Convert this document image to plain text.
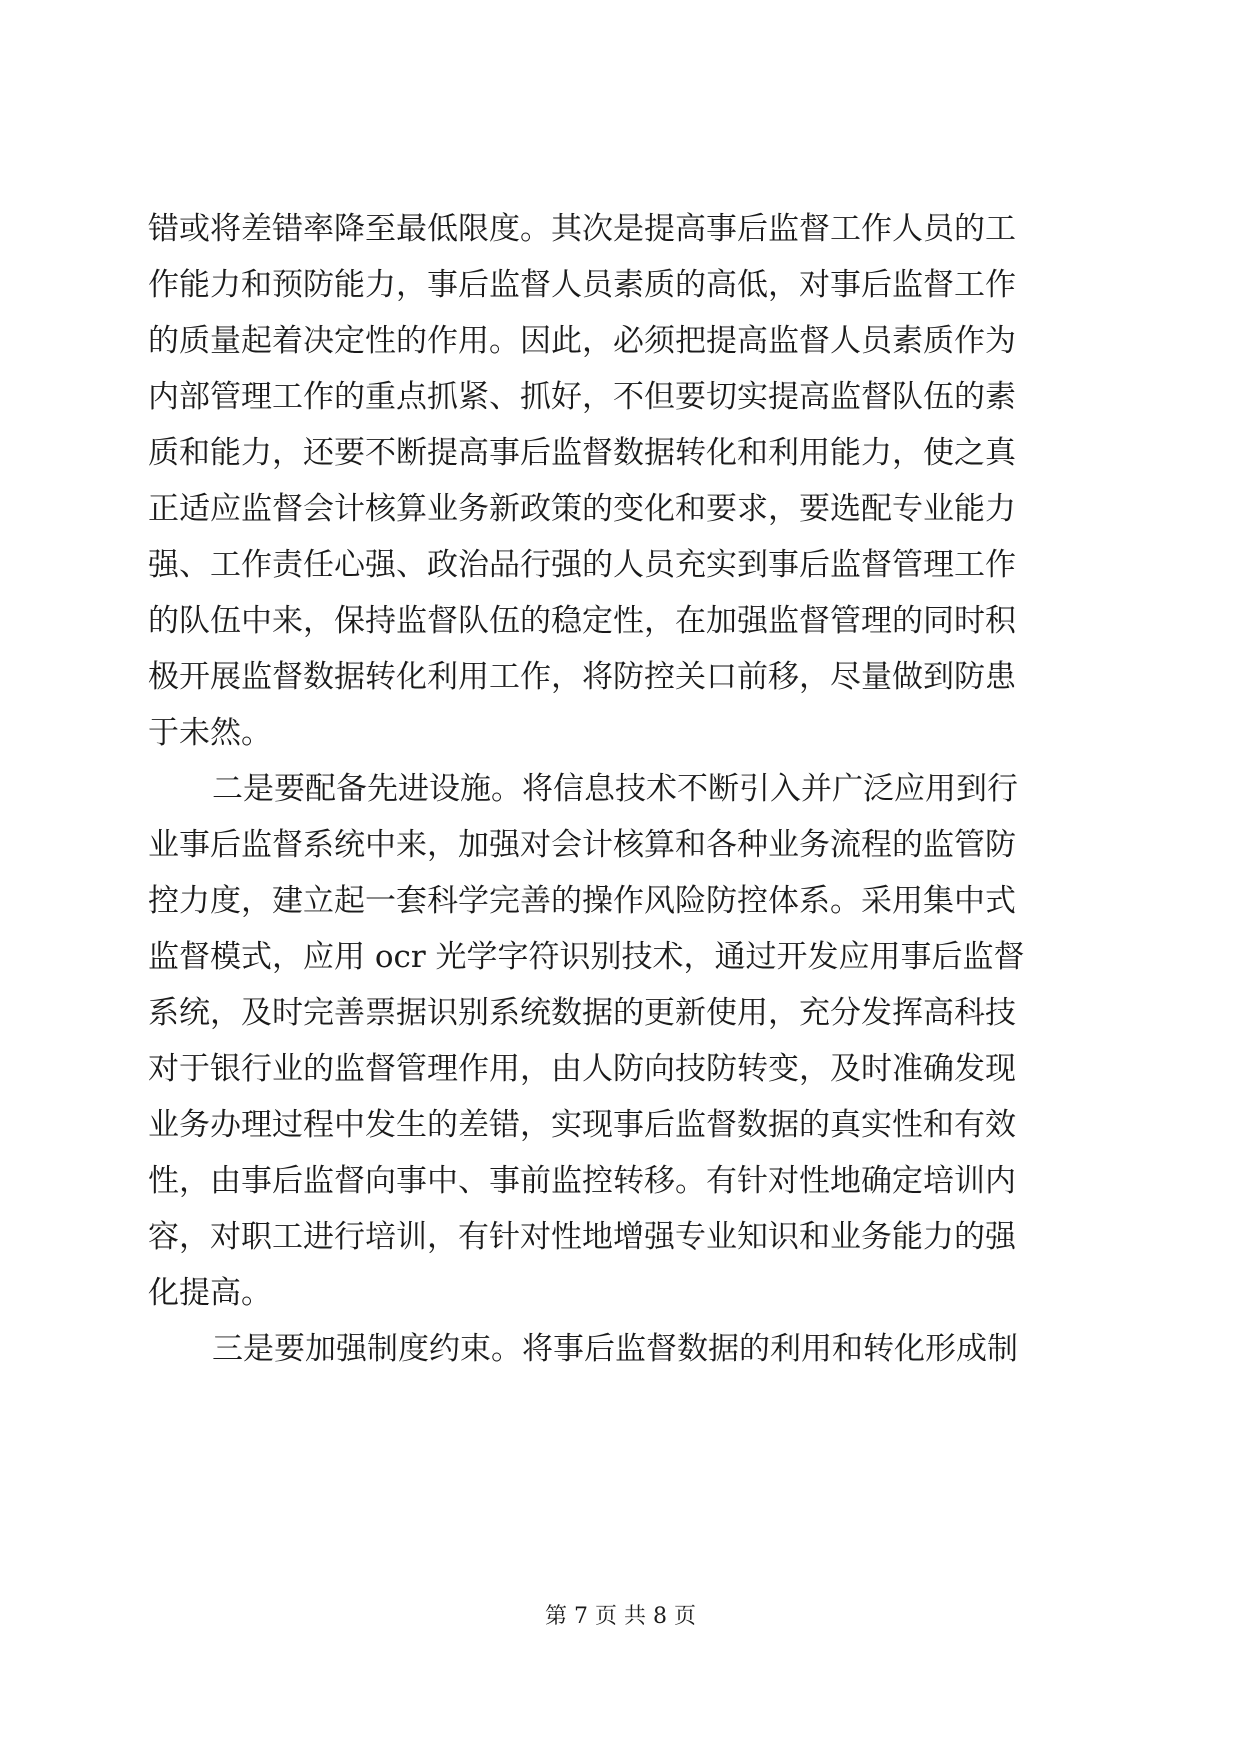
错或将差错率降至最低限度。其次是提高事后监督工作人员的工
作能力和预防能力，事后监督人员素质的高低，对事后监督工作
的质量起着决定性的作用。因此，必须把提高监督人员素质作为
内部管理工作的重点抓紧、抓好，不但要切实提高监督队伍的素
质和能力，还要不断提高事后监督数据转化和利用能力，使之真
正适应监督会计核算业务新政策的变化和要求，要选配专业能力
强、工作责任心强、政治品行强的人员充实到事后监督管理工作
的队伍中来，保持监督队伍的稳定性，在加强监督管理的同时积
极开展监督数据转化利用工作，将防控关口前移，尽量做到防患
于未然。
二是要配备先进设施。将信息技术不断引入并广泛应用到行
业事后监督系统中来，加强对会计核算和各种业务流程的监管防
控力度，建立起一套科学完善的操作风险防控体系。采用集中式
监督模式，应用 ocr 光学字符识别技术，通过开发应用事后监督
系统，及时完善票据识别系统数据的更新使用，充分发挥高科技
对于银行业的监督管理作用，由人防向技防转变，及时准确发现
业务办理过程中发生的差错，实现事后监督数据的真实性和有效
性，由事后监督向事中、事前监控转移。有针对性地确定培训内
容，对职工进行培训，有针对性地增强专业知识和业务能力的强
化提高。
三是要加强制度约束。将事后监督数据的利用和转化形成制
第 7 页 共 8 页
